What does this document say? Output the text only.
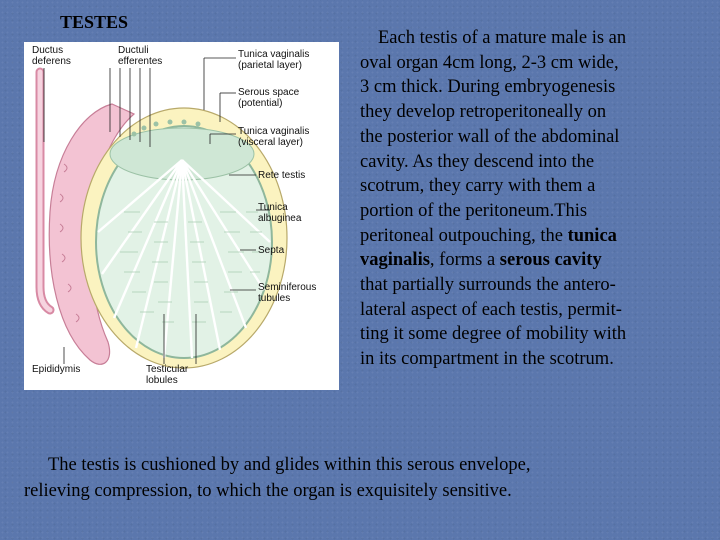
TESTES
Ductus
deferens
Ductuli
efferentes
Tunica vaginalis
(parietal layer)
Serous space
(potential)
Tunica vaginalis
(visceral layer)
Rete testis
Tunica
albuginea
Septa
Seminiferous
tubules
Epididymis	Testicular
lobules
Each testis of a mature male is an
oval organ 4cm long, 2-3 cm wide,
3 cm thick. During embryogenesis
they develop retroperitoneally on
the posterior wall of the abdominal
cavity. As they descend into the
scotrum, they carry with them a
portion of the peritoneum.This
peritoneal outpouching, the tunica
vaginalis, forms a serous cavity
that partially surrounds the antero-
lateral aspect of each testis, permit-
ting it some degree of mobility with
in its compartment in the scotrum.
The testis is cushioned by and glides within this serous envelope,
relieving compression, to which the organ is exquisitely sensitive.
